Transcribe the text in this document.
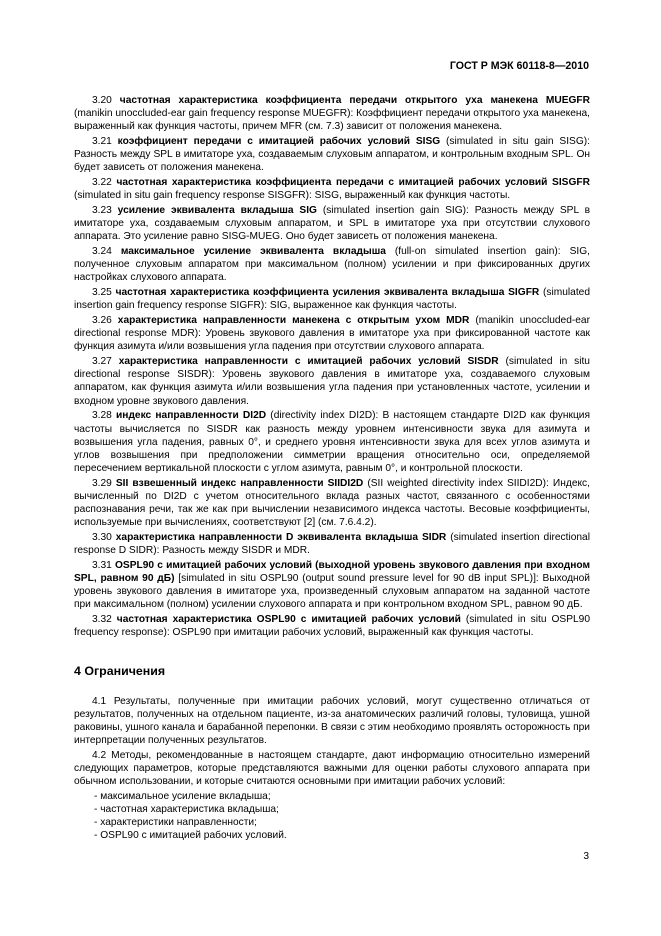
ГОСТ Р МЭК 60118-8—2010

3.20 частотная характеристика коэффициента передачи открытого уха манекена MUEGFR (manikin unoccluded-ear gain frequency response MUEGFR): Коэффициент передачи открытого уха манекена, выраженный как функция частоты, причем MFR (см. 7.3) зависит от положения манекена.

3.21 коэффициент передачи с имитацией рабочих условий SISG (simulated in situ gain SISG): Разность между SPL в имитаторе уха, создаваемым слуховым аппаратом, и контрольным входным SPL. Он будет зависеть от положения манекена.

3.22 частотная характеристика коэффициента передачи с имитацией рабочих условий SISGFR (simulated in situ gain frequency response SISGFR): SISG, выраженный как функция частоты.

3.23 усиление эквивалента вкладыша SIG (simulated insertion gain SIG): Разность между SPL в имитаторе уха, создаваемым слуховым аппаратом, и SPL в имитаторе уха при отсутствии слухового аппарата. Это усиление равно SISG-MUEG. Оно будет зависеть от положения манекена.

3.24 максимальное усиление эквивалента вкладыша (full-on simulated insertion gain): SIG, полученное слуховым аппаратом при максимальном (полном) усилении и при фиксированных других настройках слухового аппарата.

3.25 частотная характеристика коэффициента усиления эквивалента вкладыша SIGFR (simulated insertion gain frequency response SIGFR): SIG, выраженное как функция частоты.

3.26 характеристика направленности манекена с открытым ухом MDR (manikin unoccluded-ear directional response MDR): Уровень звукового давления в имитаторе уха при фиксированной частоте как функция азимута и/или возвышения угла падения при отсутствии слухового аппарата.

3.27 характеристика направленности с имитацией рабочих условий SISDR (simulated in situ directional response SISDR): Уровень звукового давления в имитаторе уха, создаваемого слуховым аппаратом, как функция азимута и/или возвышения угла падения при установленных частоте, усилении и входном уровне звукового давления.

3.28 индекс направленности DI2D (directivity index DI2D): В настоящем стандарте DI2D как функция частоты вычисляется по SISDR как разность между уровнем интенсивности звука для азимута и возвышения угла падения, равных 0°, и среднего уровня интенсивности звука для всех углов азимута и углов возвышения при предположении симметрии вращения относительно оси, определяемой пересечением вертикальной плоскости с углом азимута, равным 0°, и контрольной плоскости.

3.29 SII взвешенный индекс направленности SIIDI2D (SII weighted directivity index SIIDI2D): Индекс, вычисленный по DI2D с учетом относительного вклада разных частот, связанного с особенностями распознавания речи, так же как при вычислении независимого индекса частоты. Весовые коэффициенты, используемые при вычислениях, соответствуют [2] (см. 7.6.4.2).

3.30 характеристика направленности D эквивалента вкладыша SIDR (simulated insertion directional response D SIDR): Разность между SISDR и MDR.

3.31 OSPL90 с имитацией рабочих условий (выходной уровень звукового давления при входном SPL, равном 90 дБ) [simulated in situ OSPL90 (output sound pressure level for 90 dB input SPL)]: Выходной уровень звукового давления в имитаторе уха, произведенный слуховым аппаратом на заданной частоте при максимальном (полном) усилении слухового аппарата и при контрольном входном SPL, равном 90 дБ.

3.32 частотная характеристика OSPL90 с имитацией рабочих условий (simulated in situ OSPL90 frequency response): OSPL90 при имитации рабочих условий, выраженный как функция частоты.

4 Ограничения

4.1 Результаты, полученные при имитации рабочих условий, могут существенно отличаться от результатов, полученных на отдельном пациенте, из-за анатомических различий головы, туловища, ушной раковины, ушного канала и барабанной перепонки. В связи с этим необходимо проявлять осторожность при интерпретации полученных результатов.

4.2 Методы, рекомендованные в настоящем стандарте, дают информацию относительно измерений следующих параметров, которые представляются важными для оценки работы слухового аппарата при обычном использовании, и которые считаются основными при имитации рабочих условий:

- максимальное усиление вкладыша;
- частотная характеристика вкладыша;
- характеристики направленности;
- OSPL90 с имитацией рабочих условий.
3
